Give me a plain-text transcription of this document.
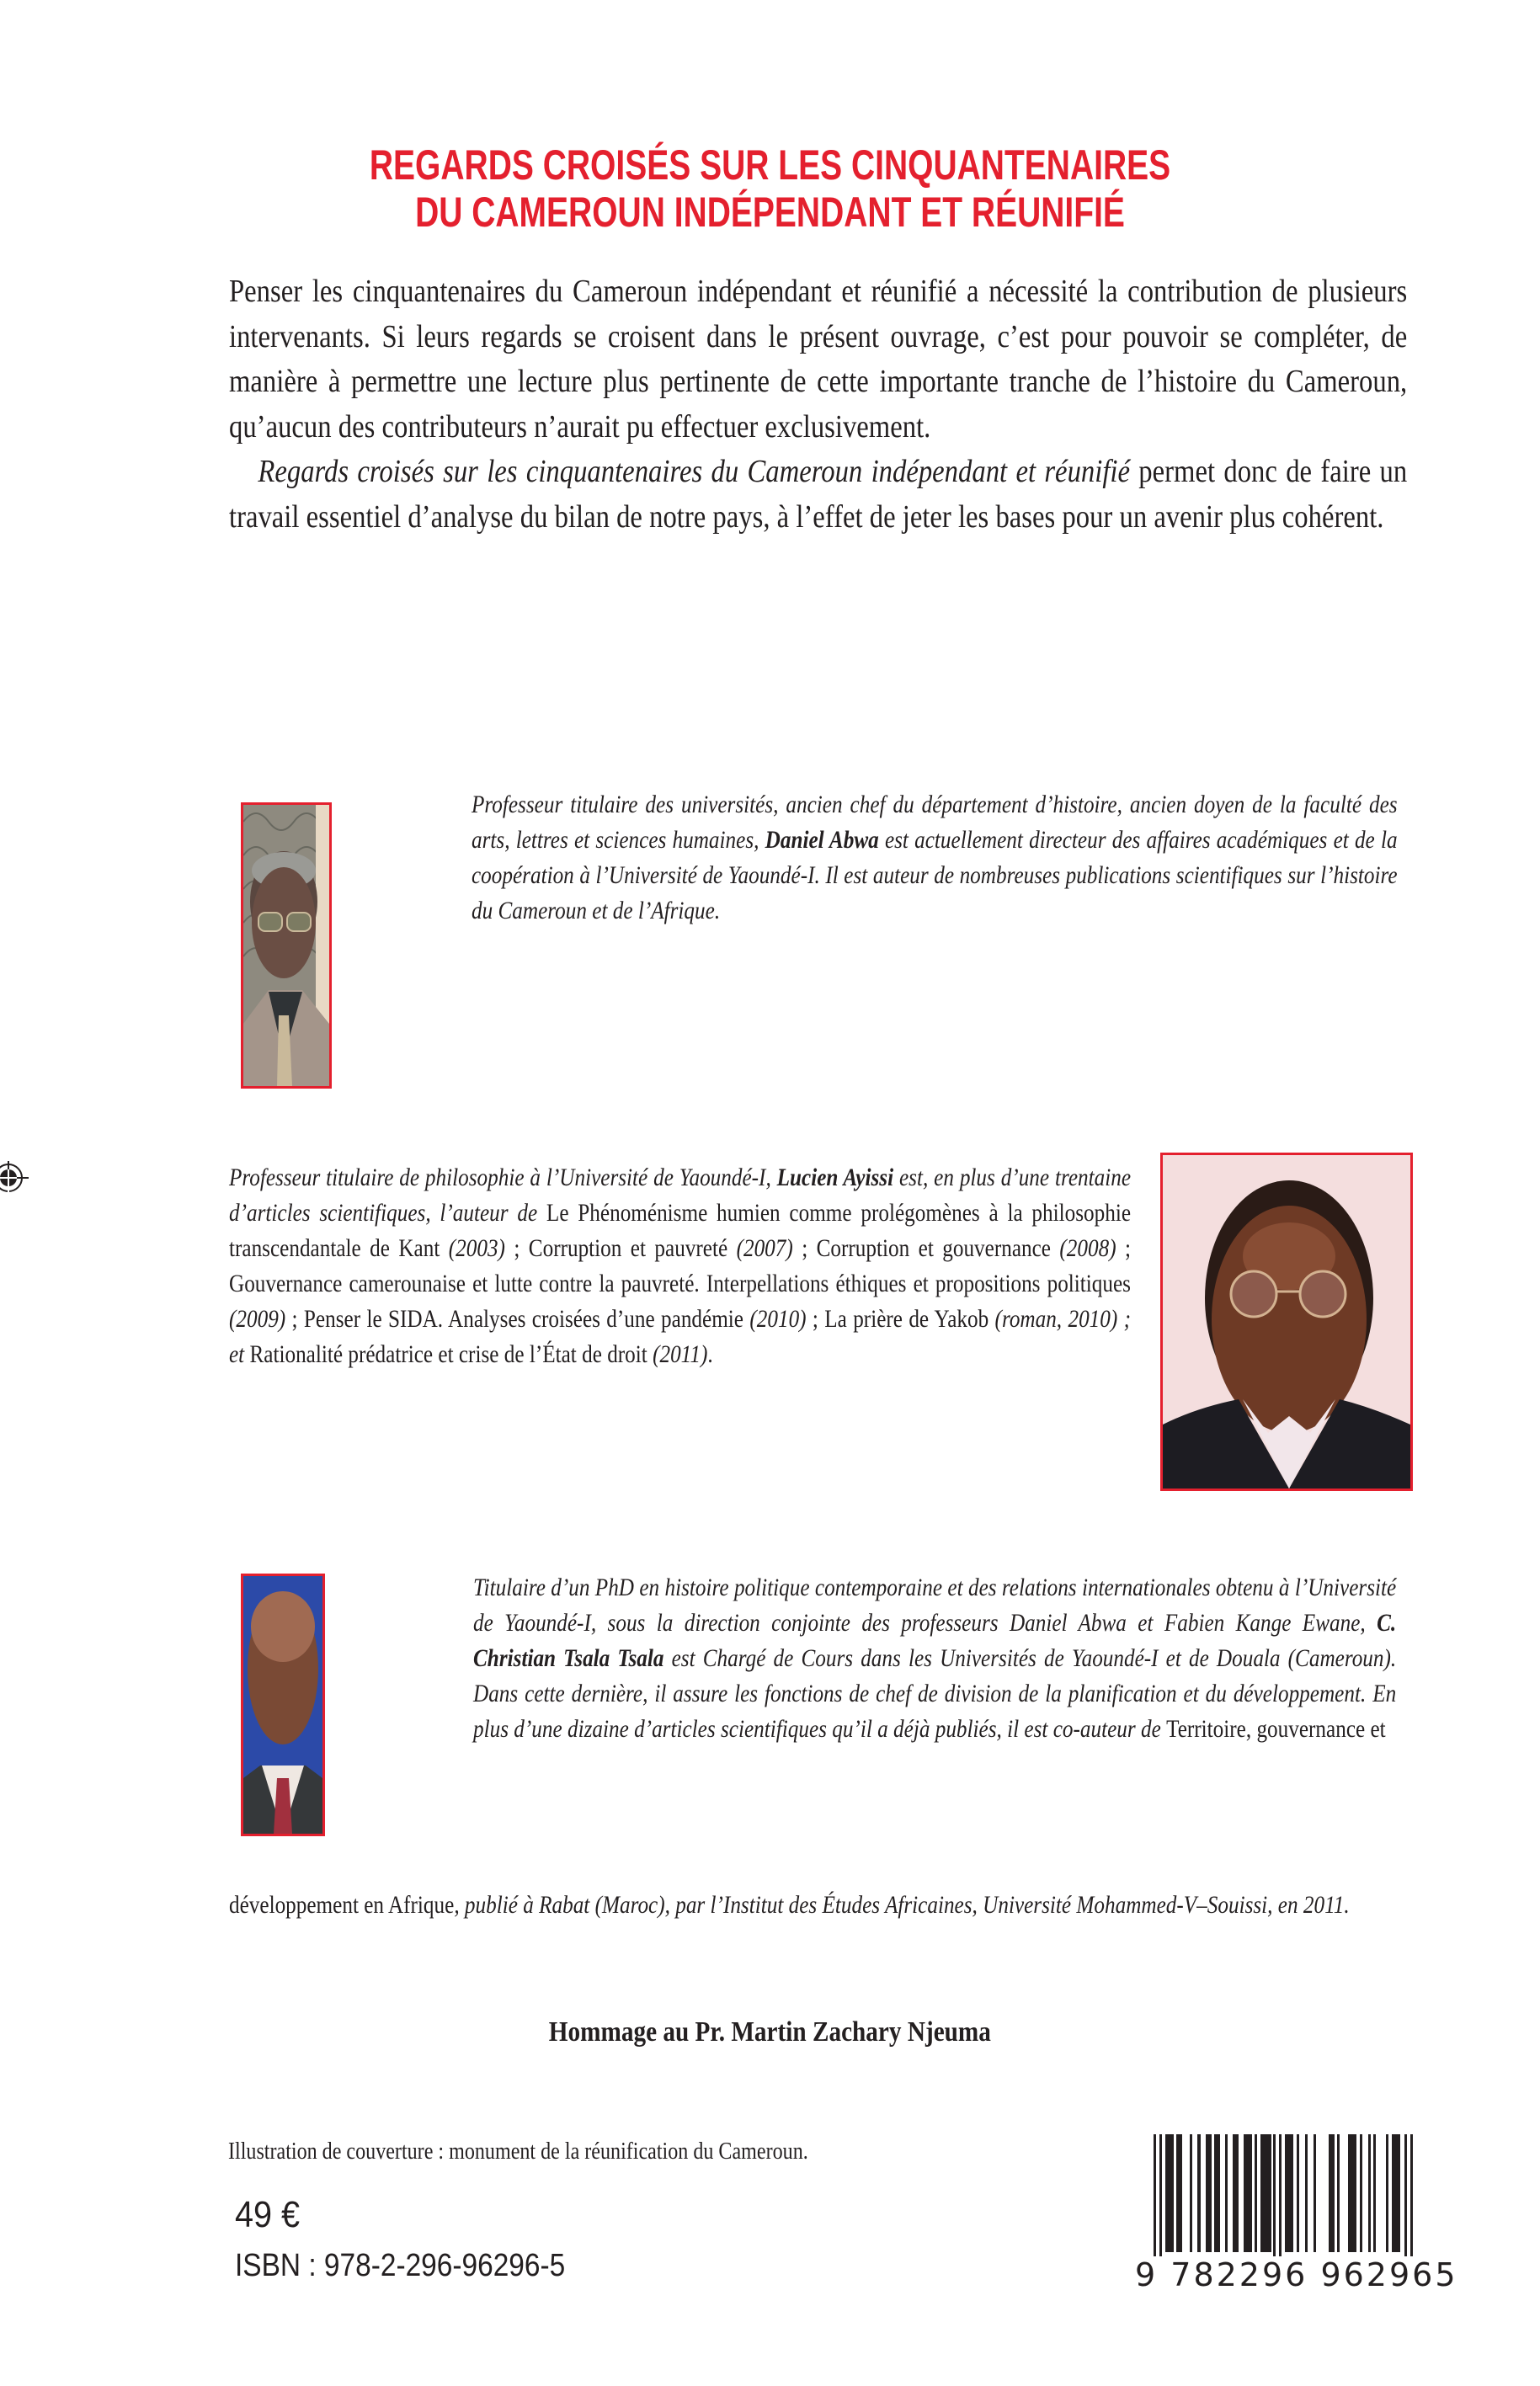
REGARDS CROISÉS SUR LES CINQUANTENAIRES
DU CAMEROUN INDÉPENDANT ET RÉUNIFIÉ

Penser les cinquantenaires du Cameroun indépendant et réunifié a nécessité la contribution de plusieurs intervenants. Si leurs regards se croisent dans le présent ouvrage, c’est pour pouvoir se compléter, de manière à permettre une lecture plus pertinente de cette importante tranche de l’histoire du Cameroun, qu’aucun des contributeurs n’aurait pu effectuer exclusivement.

Regards croisés sur les cinquantenaires du Cameroun indépendant et réunifié permet donc de faire un travail essentiel d’analyse du bilan de notre pays, à l’effet de jeter les bases pour un avenir plus cohérent.

Professeur titulaire des universités, ancien chef du département d’histoire, ancien doyen de la faculté des arts, lettres et sciences humaines, Daniel Abwa est actuellement directeur des affaires académiques et de la coopération à l’Université de Yaoundé-I. Il est auteur de nombreuses publications scientifiques sur l’histoire du Cameroun et de l’Afrique.
Professeur titulaire de philosophie à l’Université de Yaoundé-I, Lucien Ayissi est, en plus d’une trentaine d’articles scientifiques, l’auteur de Le Phénoménisme humien comme prolégomènes à la philosophie transcendantale de Kant (2003) ; Corruption et pauvreté (2007) ; Corruption et gouvernance (2008) ; Gouvernance camerounaise et lutte contre la pauvreté. Interpellations éthiques et propositions politiques (2009) ; Penser le SIDA. Analyses croisées d’une pandémie (2010) ; La prière de Yakob (roman, 2010) ; et Rationalité prédatrice et crise de l’État de droit (2011).
Titulaire d’un PhD en histoire politique contemporaine et des relations internationales obtenu à l’Université de Yaoundé-I, sous la direction conjointe des professeurs Daniel Abwa et Fabien Kange Ewane, C. Christian Tsala Tsala est Chargé de Cours dans les Universités de Yaoundé-I et de Douala (Cameroun). Dans cette dernière, il assure les fonctions de chef de division de la planification et du développement. En plus d’une dizaine d’articles scientifiques qu’il a déjà publiés, il est co-auteur de Territoire, gouvernance et
développement en Afrique, publié à Rabat (Maroc), par l’Institut des Études Africaines, Université Mohammed-V–Souissi, en 2011.
Hommage au Pr. Martin Zachary Njeuma
Illustration de couverture : monument de la réunification du Cameroun.
49 €
ISBN : 978-2-296-96296-5	9 782296 962965
